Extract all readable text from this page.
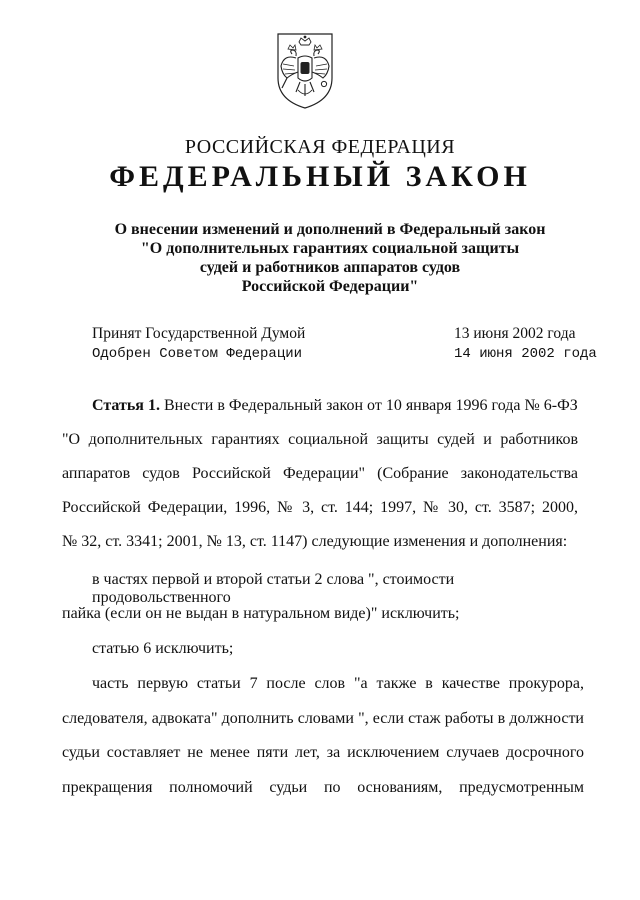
РОССИЙСКАЯ ФЕДЕРАЦИЯ
ФЕДЕРАЛЬНЫЙ ЗАКОН
О внесении изменений и дополнений в Федеральный закон
"О дополнительных гарантиях социальной защиты
судей и работников аппаратов судов
Российской Федерации"
Принят Государственной Думой
Одобрен Советом Федерации
13 июня 2002 года
14 июня 2002 года
Статья 1. Внести в Федеральный закон от 10 января 1996 года № 6-ФЗ
"О дополнительных гарантиях социальной защиты судей и работников
аппаратов судов Российской Федерации" (Собрание законодательства
Российской Федерации, 1996, № 3, ст. 144; 1997, № 30, ст. 3587; 2000,
№ 32, ст. 3341; 2001, № 13, ст. 1147) следующие изменения и дополнения:
в частях первой и второй статьи 2 слова ", стоимости продовольственного
пайка (если он не выдан в натуральном виде)" исключить;
статью 6 исключить;
часть первую статьи 7 после слов "а также в качестве прокурора,
следователя, адвоката" дополнить словами ", если стаж работы в должности
судьи составляет не менее пяти лет, за исключением случаев досрочного
прекращения полномочий судьи по основаниям, предусмотренным
